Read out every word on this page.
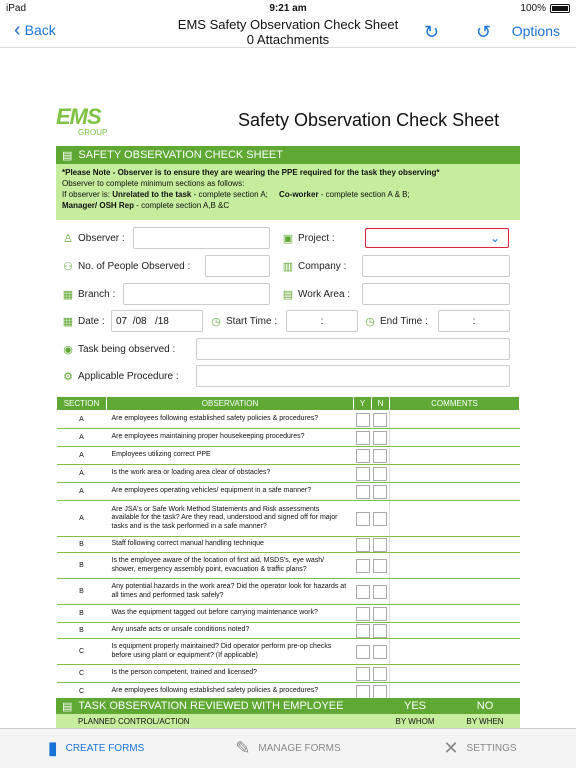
iPad	9:21 am	100%
‹ Back	EMS Safety Observation Check Sheet
0 Attachments	↻ ↺ Options
EMS
GROUP
Safety Observation Check Sheet
▤ SAFETY OBSERVATION CHECK SHEET
*Please Note - Observer is to ensure they are wearing the PPE required for the task they observing*
Observer to complete minimum sections as follows:
If observer is: Unrelated to the task - complete section A; Co-worker - complete section A & B;
Manager/ OSH Rep - complete section A,B &C
♙ Observer :	▣ Project :	⌄
⚇ No. of People Observed :	▥ Company :
▦ Branch :	▤ Work Area :
▦ Date : 07
/08
/18	◷ Start Time :	:	◷ End Time :	:
◉ Task being observed :
⚙ Applicable Procedure :
SECTION	OBSERVATION	Y	N	COMMENTS
A	Are employees following established safety policies & procedures?			
A	Are employees maintaining proper housekeeping procedures?			
A	Employees utilizing correct PPE			
A	Is the work area or loading area clear of obstacles?			
A	Are employees operating vehicles/ equipment in a safe manner?			
A	Are JSA's or Safe Work Method Statements and Risk assessments available for the task? Are they read, understood and signed off for major tasks and is the task performed in a safe manner?			
B	Staff following correct manual handling technique			
B	Is the employee aware of the location of first aid, MSDS's, eye wash/ shower, emergency assembly point, evacuation & traffic plans?			
B	Any potential hazards in the work area? Did the operator look for hazards at all times and performed task safely?			
B	Was the equipment tagged out before carrying maintenance work?			
B	Any unsafe acts or unsafe conditions noted?			
C	Is equipment properly maintained? Did operator perform pre-op checks before using plant or equipment? (If applicable)			
C	Is the person competent, trained and licensed?			
C	Are employees following established safety policies & procedures?			
▤ TASK OBSERVATION REVIEWED WITH EMPLOYEE	YES	NO
PLANNED CONTROL/ACTION	BY WHOM	BY WHEN
▮ CREATE FORMS	✎ MANAGE FORMS	✕ SETTINGS
